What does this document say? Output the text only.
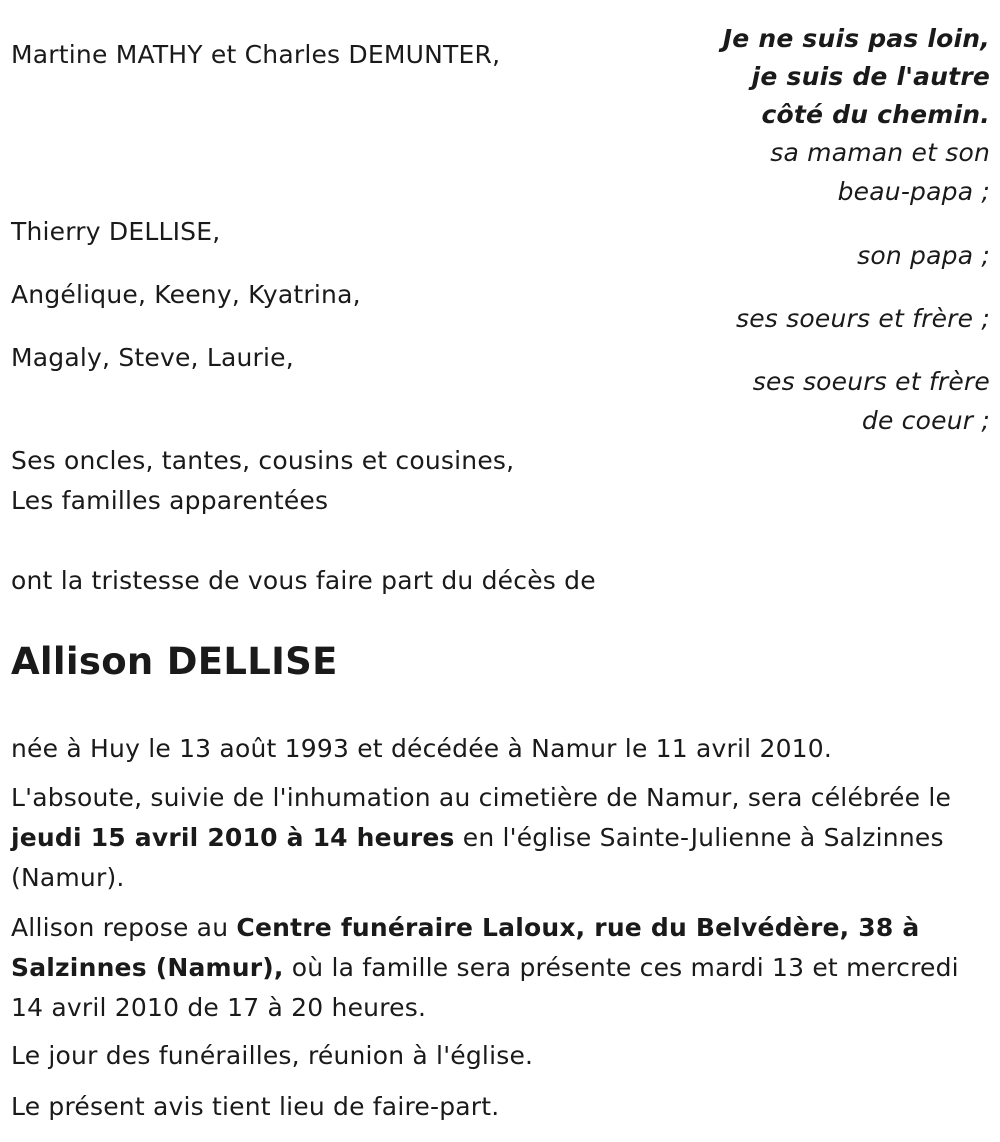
Martine MATHY et Charles DEMUNTER,
Thierry DELLISE,
Angélique, Keeny, Kyatrina,
Magaly, Steve, Laurie,
Ses oncles, tantes, cousins et cousines,
Les familles apparentées
Je ne suis pas loin,
je suis de l'autre
côté du chemin.
sa maman et son
beau-papa ;
son papa ;
ses soeurs et frère ;
ses soeurs et frère
de coeur ;
ont la tristesse de vous faire part du décès de
Allison DELLISE
née à Huy le 13 août 1993 et décédée à Namur le 11 avril 2010.
L'absoute, suivie de l'inhumation au cimetière de Namur, sera célébrée le jeudi 15 avril 2010 à 14 heures en l'église Sainte-Julienne à Salzinnes (Namur).
Allison repose au Centre funéraire Laloux, rue du Belvédère, 38 à Salzinnes (Namur), où la famille sera présente ces mardi 13 et mercredi 14 avril 2010 de 17 à 20 heures.
Le jour des funérailles, réunion à l'église.
Le présent avis tient lieu de faire-part.
